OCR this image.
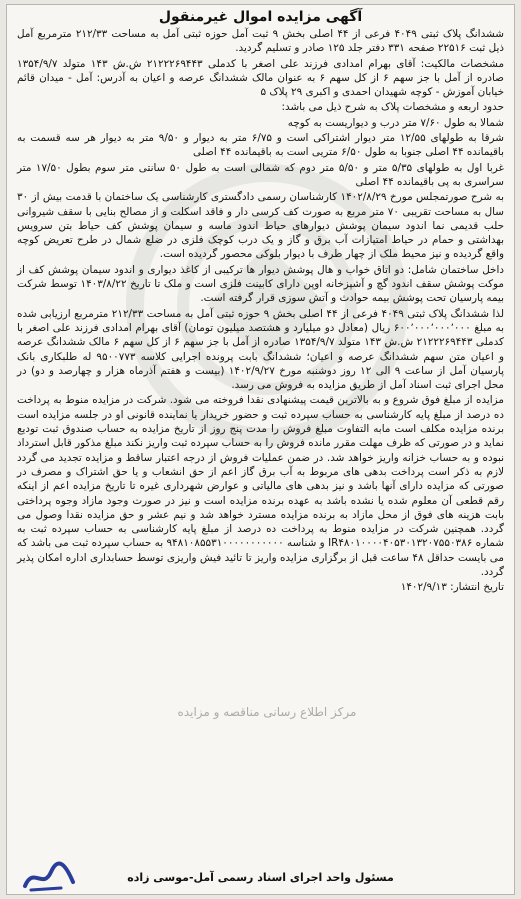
آگهی مزایده اموال غیرمنقول

ششدانگ پلاک ثبتی ۴۰۴۹ فرعی از ۴۴ اصلی بخش ۹ ثبت آمل حوزه ثبتی آمل به مساحت ۲۱۲/۳۳ مترمربع آمل ذیل ثبت ۲۲۵۱۶ صفحه ۳۳۱ دفتر جلد ۱۲۵ صادر و تسلیم گردید.

مشخصات مالکیت: آقای بهرام امدادی فرزند علی اصغر با کدملی ۲۱۲۲۲۶۹۴۴۳ ش.ش ۱۴۳ متولد ۱۳۵۴/۹/۷ صادره از آمل با جز سهم ۶ از کل سهم ۶ به عنوان مالک ششدانگ عرصه و اعیان به آدرس: آمل - میدان قائم خیابان آموزش - کوچه شهیدان احمدی و اکبری ۲۹ پلاک ۵

حدود اربعه و مشخصات پلاک به شرح ذیل می باشد:

شمالا به طول ۷/۶۰ متر درب و دیواریست به کوچه

شرقا به طولهای ۱۲/۵۵ متر دیوار اشتراکی است و ۶/۷۵ متر به دیوار و ۹/۵۰ متر به دیوار هر سه قسمت به باقیمانده ۴۴ اصلی جنوبا به طول ۶/۵۰ متریی است به باقیمانده ۴۴ اصلی

غربا اول به طولهای ۵/۳۵ متر و ۵/۵۰ متر دوم که شمالی است به طول ۵۰ سانتی متر سوم بطول ۱۷/۵۰ متر سراسری به پی باقیمانده ۴۴ اصلی

به شرح صورتمجلس مورخ ۱۴۰۲/۸/۲۹ کارشناسان رسمی دادگستری کارشناسی یک ساختمان با قدمت بیش از ۳۰ سال به مساحت تقریبی ۷۰ متر مربع به صورت کف کرسی دار و فاقد اسکلت و از مصالح بنایی با سقف شیروانی حلب قدیمی نما اندود سیمان پوشش دیوارهای حیاط اندود ماسه و سیمان پوشش کف حیاط بتن سرویس بهداشتی و حمام در حیاط امتیازات آب برق و گاز و یک درب کوچک فلزی در ضلع شمال در طرح تعریض کوچه واقع گردیده و نیز محیط ملک از چهار طرف با دیوار بلوکی محصور گردیده است.

داخل ساختمان شامل: دو اتاق خواب و هال پوشش دیوار ها ترکیبی از کاغذ دیواری و اندود سیمان پوشش کف از موکت پوشش سقف اندود گچ و آشپزخانه اوپن دارای کابینت فلزی است و ملک تا تاریخ ۱۴۰۳/۸/۲۲ توسط شرکت بیمه پارسیان تحت پوشش بیمه حوادث و آتش سوزی قرار گرفته است.

لذا ششدانگ پلاک ثبتی ۴۰۴۹ فرعی از ۴۴ اصلی بخش ۹ حوزه ثبتی آمل به مساحت ۲۱۲/۳۳ مترمربع ارزیابی شده به مبلغ ۶۰۰٬۰۰۰٬۰۰۰٬۰۰۰ ریال (معادل دو میلیارد و هشتصد میلیون تومان) آقای بهرام امدادی فرزند علی اصغر با کدملی ۲۱۲۲۲۶۹۴۴۳ ش.ش ۱۴۳ متولد ۱۳۵۴/۹/۷ صادره از آمل با جز سهم ۶ از کل سهم ۶ مالک ششدانگ عرصه و اعیان متن سهم ششدانگ عرصه و اعیان؛ ششدانگ بابت پرونده اجرایی کلاسه ۹۵۰۰۷۷۳ له طلبکاری بانک پارسیان آمل از ساعت ۹ الی ۱۲ روز دوشنبه مورخ ۱۴۰۲/۹/۲۷ (بیست و هفتم آذرماه هزار و چهارصد و دو) در محل اجرای ثبت اسناد آمل از طریق مزایده به فروش می رسد.

مزایده از مبلغ فوق شروع و به بالاترین قیمت پیشنهادی نقدا فروخته می شود. شرکت در مزایده منوط به پرداخت ده درصد از مبلغ پایه کارشناسی به حساب سپرده ثبت و حضور خریدار یا نماینده قانونی او در جلسه مزایده است برنده مزایده مکلف است مابه التفاوت مبلغ فروش را مدت پنج روز از تاریخ مزایده به حساب صندوق ثبت تودیع نماید و در صورتی که ظرف مهلت مقرر مانده فروش را به حساب سپرده ثبت واریز نکند مبلغ مذکور قابل استرداد نبوده و به حساب خزانه واریز خواهد شد. در ضمن عملیات فروش از درجه اعتبار ساقط و مزایده تجدید می گردد لازم به ذکر است پرداخت بدهی های مربوط به آب برق گاز اعم از حق انشعاب و یا حق اشتراک و مصرف در صورتی که مزایده دارای آنها باشد و نیز بدهی های مالیاتی و عوارض شهرداری غیره تا تاریخ مزایده اعم از اینکه رقم قطعی آن معلوم شده یا نشده باشد به عهده برنده مزایده است و نیز در صورت وجود مازاد وجوه پرداختی بابت هزینه های فوق از محل مازاد به برنده مزایده مسترد خواهد شد و نیم عشر و حق مزایده نقدا وصول می گردد. همچنین شرکت در مزایده منوط به پرداخت ده درصد از مبلغ پایه کارشناسی به حساب سپرده ثبت به شماره IR۴۸۰۱۰۰۰۰۴۰۵۳۰۱۳۲۰۷۵۵۰۳۸۶ و شناسه ۹۴۸۱۰۸۵۵۳۱۰۰۰۰۰۰۰۰۰۰۰ به حساب سپرده ثبت می باشد که می بایست حداقل ۴۸ ساعت قبل از برگزاری مزایده واریز تا تائید فیش واریزی توسط حسابداری اداره امکان پذیر گردد.

تاریخ انتشار: ۱۴۰۲/۹/۱۳
مرکز اطلاع رسانی مناقصه و مزایده
مسئول واحد اجرای اسناد رسمی آمل-موسی زاده
